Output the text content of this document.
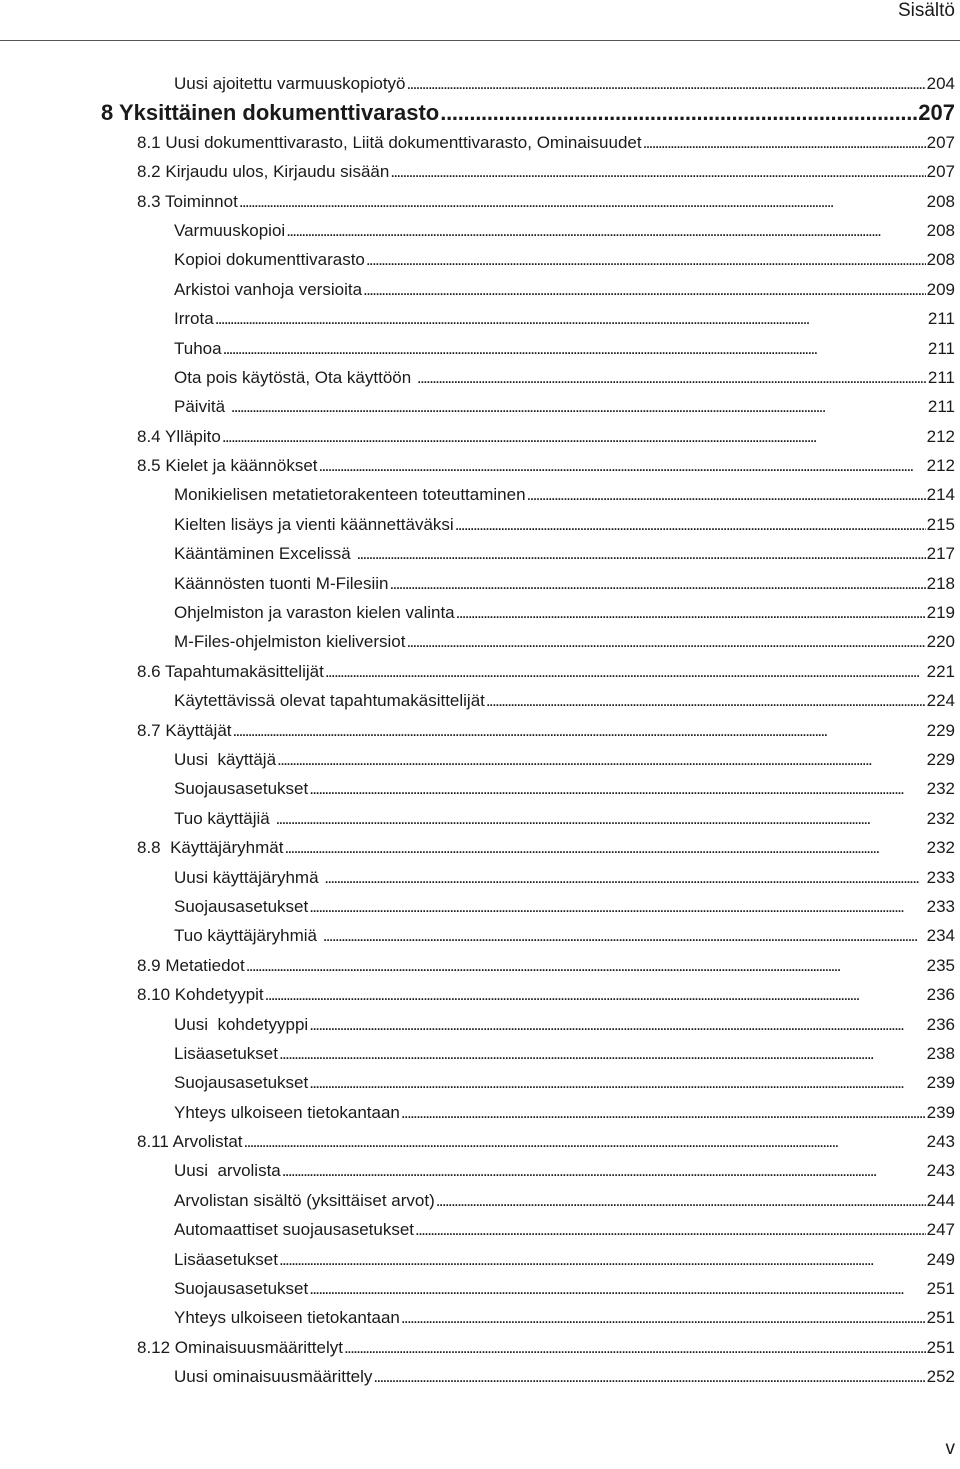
Sisältö
Uusi ajoitettu varmuuskopiotyö . . .	204
8 Yksittäinen dokumenttivarasto . . .	207
8.1 Uusi dokumenttivarasto, Liitä dokumenttivarasto, Ominaisuudet . . .	207
8.2 Kirjaudu ulos, Kirjaudu sisään . . .	207
8.3 Toiminnot . . .	208
Varmuuskopioi . . .	208
Kopioi dokumenttivarasto . . .	208
Arkistoi vanhoja versioita . . .	209
Irrota . . .	211
Tuhoa . . .	211
Ota pois käytöstä, Ota käyttöön . . .	211
Päivitä . . .	211
8.4 Ylläpito . . .	212
8.5 Kielet ja käännökset . . .	212
Monikielisen metatietorakenteen toteuttaminen . . .	214
Kielten lisäys ja vienti käännettäväksi . . .	215
Kääntäminen Excelissä . . .	217
Käännösten tuonti M-Filesiin . . .	218
Ohjelmiston ja varaston kielen valinta . . .	219
M-Files-ohjelmiston kieliversiot . . .	220
8.6 Tapahtumakäsittelijät . . .	221
Käytettävissä olevat tapahtumakäsittelijät . . .	224
8.7 Käyttäjät . . .	229
Uusi  käyttäjä . . .	229
Suojausasetukset . . .	232
Tuo käyttäjiä . . .	232
8.8  Käyttäjäryhmät . . .	232
Uusi käyttäjäryhmä . . .	233
Suojausasetukset . . .	233
Tuo käyttäjäryhmiä . . .	234
8.9 Metatiedot . . .	235
8.10 Kohdetyypit . . .	236
Uusi  kohdetyyppi . . .	236
Lisäasetukset . . .	238
Suojausasetukset . . .	239
Yhteys ulkoiseen tietokantaan . . .	239
8.11 Arvolistat . . .	243
Uusi  arvolista . . .	243
Arvolistan sisältö (yksittäiset arvot) . . .	244
Automaattiset suojausasetukset . . .	247
Lisäasetukset . . .	249
Suojausasetukset . . .	251
Yhteys ulkoiseen tietokantaan . . .	251
8.12 Ominaisuusmäärittelyt . . .	251
Uusi ominaisuusmäärittely . . .	252
v
